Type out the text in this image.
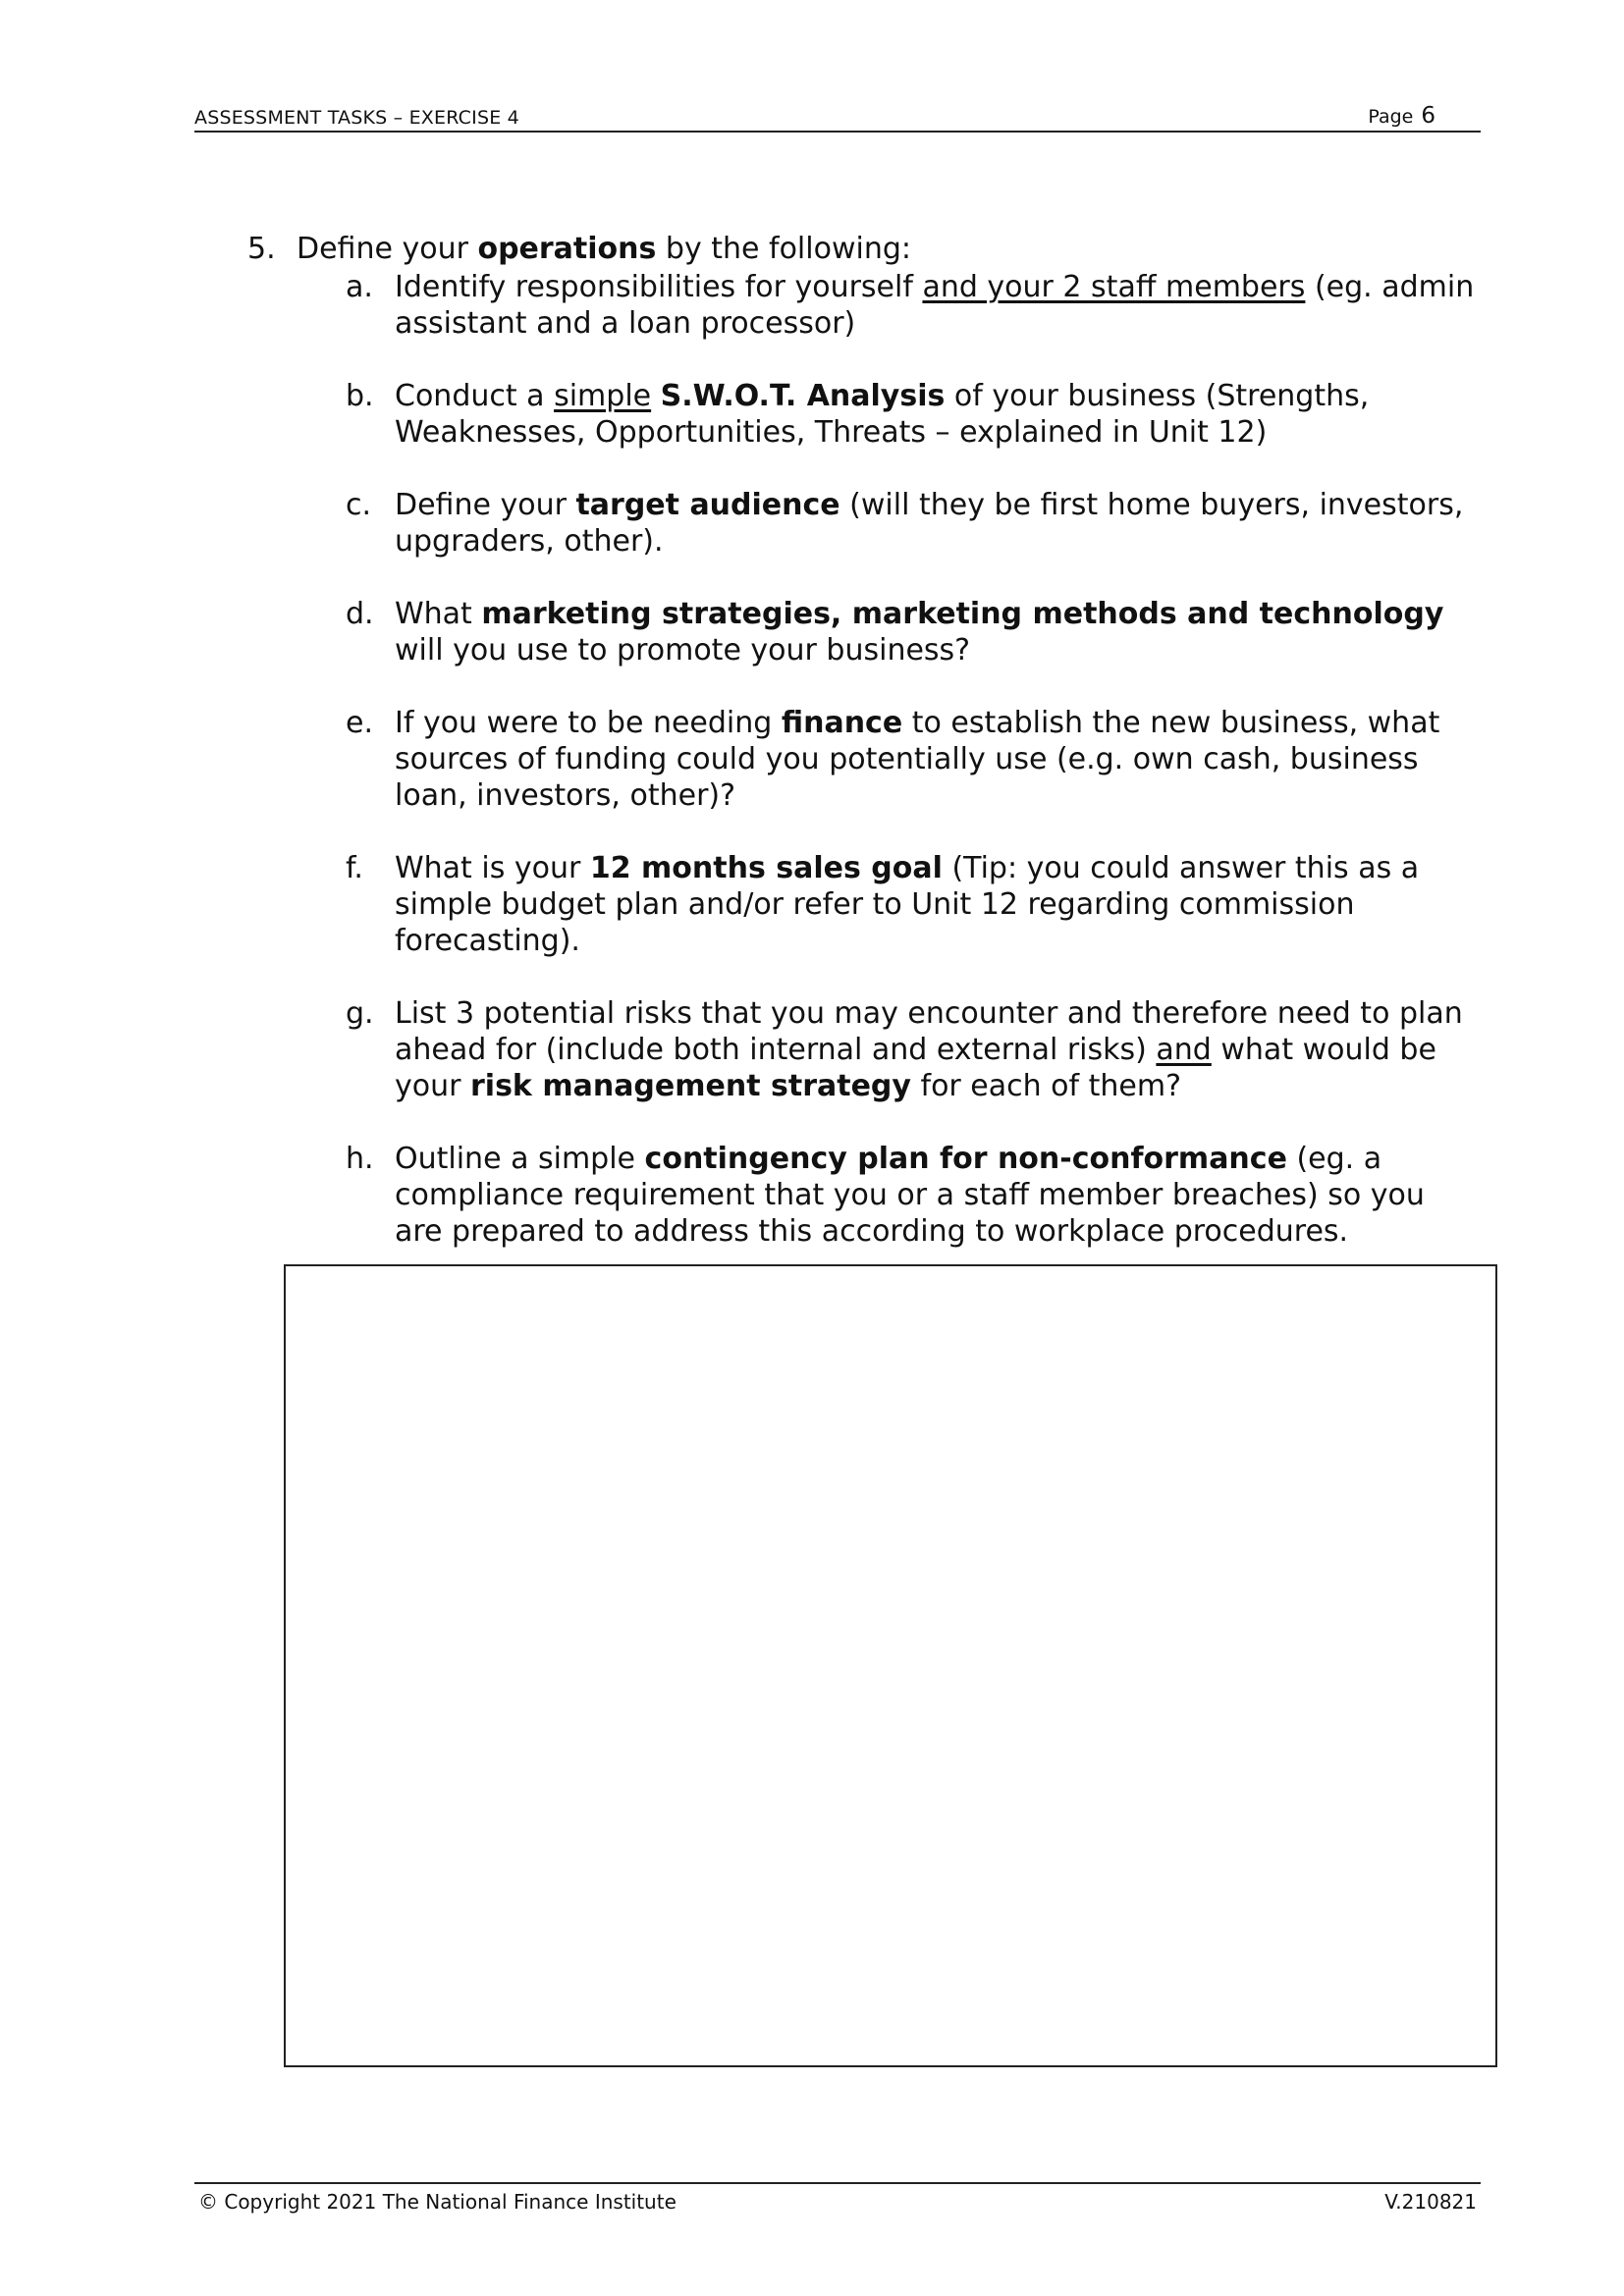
ASSESSMENT TASKS – EXERCISE 4	Page 6
5. Define your operations by the following:
a. Identify responsibilities for yourself and your 2 staff members (eg. admin assistant and a loan processor)
b. Conduct a simple S.W.O.T. Analysis of your business (Strengths, Weaknesses, Opportunities, Threats – explained in Unit 12)
c. Define your target audience (will they be first home buyers, investors, upgraders, other).
d. What marketing strategies, marketing methods and technology will you use to promote your business?
e. If you were to be needing finance to establish the new business, what sources of funding could you potentially use (e.g. own cash, business loan, investors, other)?
f.	What is your 12 months sales goal (Tip: you could answer this as a simple budget plan and/or refer to Unit 12 regarding commission forecasting).
g. List 3 potential risks that you may encounter and therefore need to plan ahead for (include both internal and external risks) and what would be your risk management strategy for each of them?
h. Outline a simple contingency plan for non-conformance (eg. a compliance requirement that you or a staff member breaches) so you are prepared to address this according to workplace procedures.
© Copyright 2021 The National Finance Institute	V.210821
